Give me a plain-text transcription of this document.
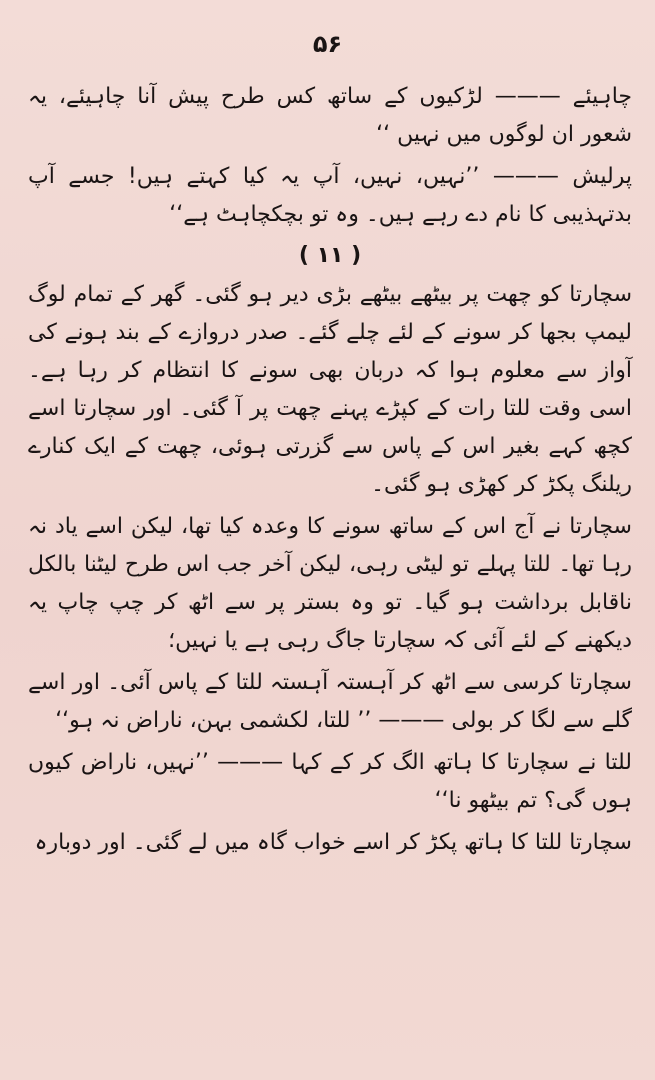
۵۶

چاہیئے ——— لڑکیوں کے ساتھ کس طرح پیش آنا چاہیئے، یہ شعور ان لوگوں میں نہیں ‘‘

پرلیش ——— ’’نہیں، نہیں، آپ یہ کیا کہتے ہیں! جسے آپ بدتہذیبی کا نام دے رہے ہیں۔ وہ تو بچکچاہٹ ہے‘‘

( ۱۱ )

سچارتا کو چھت پر بیٹھے بیٹھے بڑی دیر ہو گئی۔ گھر کے تمام لوگ لیمپ بجھا کر سونے کے لئے چلے گئے۔ صدر دروازے کے بند ہونے کی آواز سے معلوم ہوا کہ دربان بھی سونے کا انتظام کر رہا ہے۔ اسی وقت للتا رات کے کپڑے پہنے چھت پر آ گئی۔ اور سچارتا اسے کچھ کہے بغیر اس کے پاس سے گزرتی ہوئی، چھت کے ایک کنارے ریلنگ پکڑ کر کھڑی ہو گئی۔

سچارتا نے آج اس کے ساتھ سونے کا وعدہ کیا تھا، لیکن اسے یاد نہ رہا تھا۔ للتا پہلے تو لیٹی رہی، لیکن آخر جب اس طرح لیٹنا بالکل ناقابل برداشت ہو گیا۔ تو وہ بستر پر سے اٹھ کر چپ چاپ یہ دیکھنے کے لئے آئی کہ سچارتا جاگ رہی ہے یا نہیں؛

سچارتا کرسی سے اٹھ کر آہستہ آہستہ للتا کے پاس آئی۔ اور اسے گلے سے لگا کر بولی ——— ’’ للتا، لکشمی بہن، ناراض نہ ہو‘‘

للتا نے سچارتا کا ہاتھ الگ کر کے کہا ——— ’’نہیں، ناراض کیوں ہوں گی؟ تم بیٹھو نا‘‘

سچارتا للتا کا ہاتھ پکڑ کر اسے خواب گاہ میں لے گئی۔ اور دوبارہ
